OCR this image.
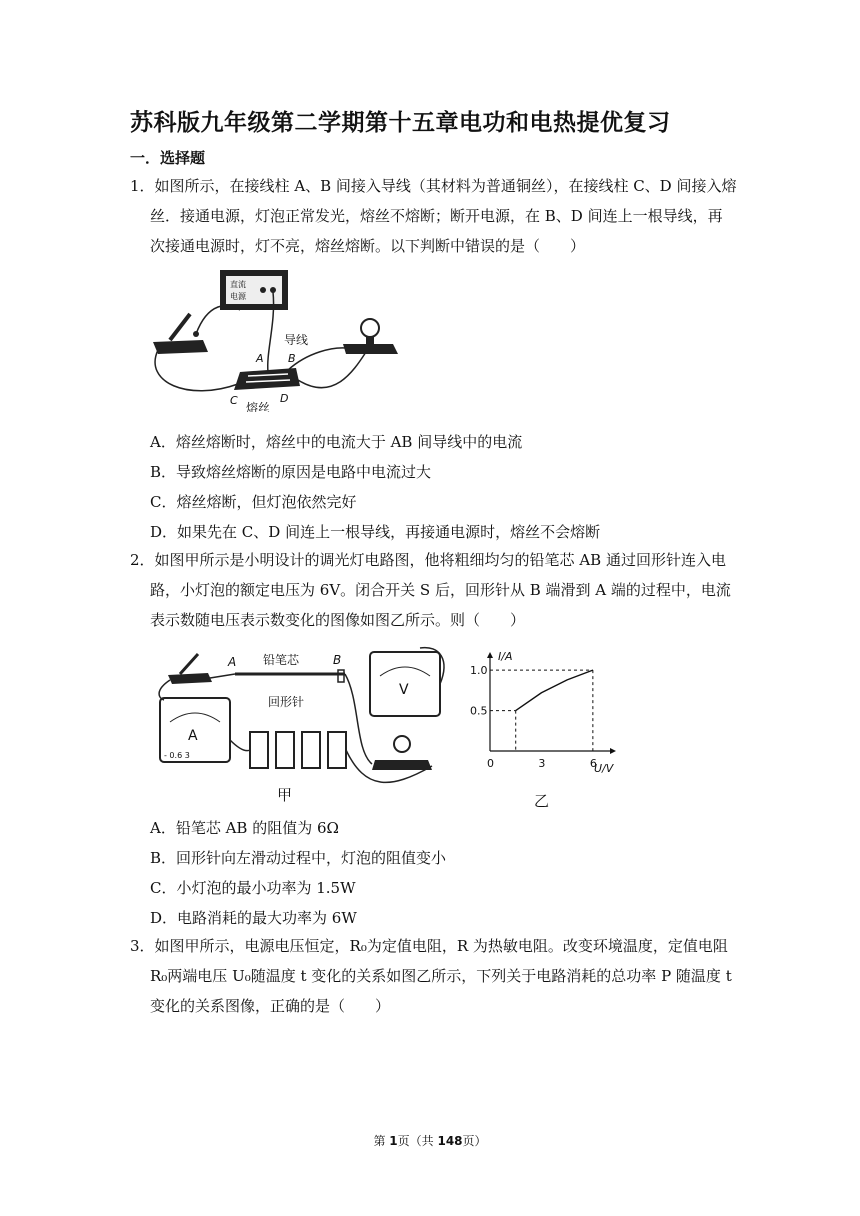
苏科版九年级第二学期第十五章电功和电热提优复习
一．选择题
1．如图所示，在接线柱 A、B 间接入导线（其材料为普通铜丝），在接线柱 C、D 间接入熔
丝．接通电源，灯泡正常发光，熔丝不熔断；断开电源，在 B、D 间连上一根导线，再
次接通电源时，灯不亮，熔丝熔断。以下判断中错误的是（　　）
直流
电源
导线
A B
C	D
熔丝
A．熔丝熔断时，熔丝中的电流大于 AB 间导线中的电流
B．导致熔丝熔断的原因是电路中电流过大
C．熔丝熔断，但灯泡依然完好
D．如果先在 C、D 间连上一根导线，再接通电源时，熔丝不会熔断
2．如图甲所示是小明设计的调光灯电路图，他将粗细均匀的铅笔芯 AB 通过回形针连入电
路，小灯泡的额定电压为 6V。闭合开关 S 后，回形针从 B 端滑到 A 端的过程中，电流
表示数随电压表示数变化的图像如图乙所示。则（　　）
A	B
铅笔芯
回形针
A
- 0.6 3
V
甲
I/A
U/V
乙
0	3	6
0.5
1.0
A．铅笔芯 AB 的阻值为 6Ω
B．回形针向左滑动过程中，灯泡的阻值变小
C．小灯泡的最小功率为 1.5W
D．电路消耗的最大功率为 6W
3．如图甲所示，电源电压恒定，R₀为定值电阻，R 为热敏电阻。改变环境温度，定值电阻
R₀两端电压 U₀随温度 t 变化的关系如图乙所示，下列关于电路消耗的总功率 P 随温度 t
变化的关系图像，正确的是（　　）
第 1页（共 148页）
